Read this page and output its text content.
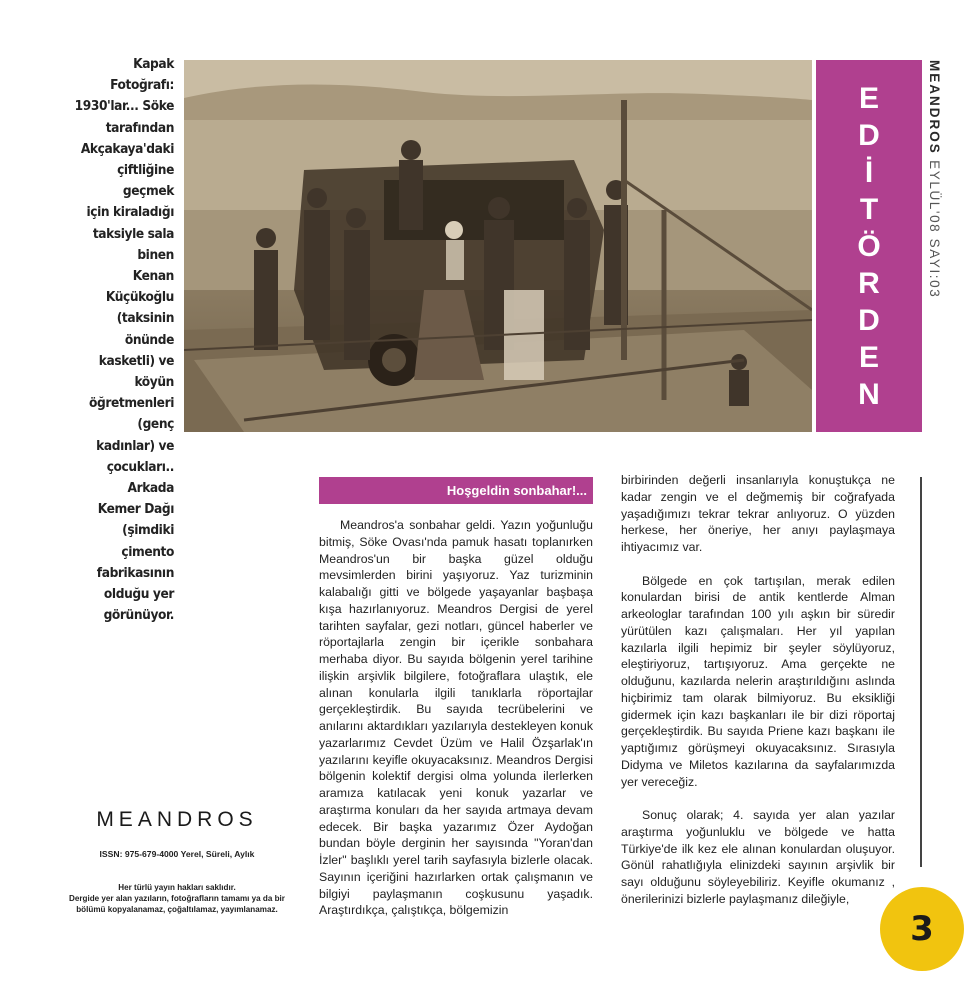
Kapak Fotoğrafı:
1930'lar... Söke
tarafından
Akçakaya'daki
çiftliğine geçmek
için kiraladığı
taksiyle sala binen
Kenan Küçükoğlu
(taksinin önünde
kasketli) ve köyün
öğretmenleri (genç
kadınlar) ve
çocukları.. Arkada
Kemer Dağı
(şimdiki çimento
fabrikasının
olduğu yer
görünüyor.
E
D
İ
T
Ö
R
D
E
N
MEANDROS EYLÜL'08 SAYI:03
Hoşgeldin sonbahar!...

Meandros'a sonbahar geldi. Yazın yoğunluğu bitmiş, Söke Ovası'nda pamuk hasatı toplanırken Meandros'un bir başka güzel olduğu mevsimlerden birini yaşıyoruz. Yaz turizminin kalabalığı gitti ve bölgede yaşayanlar başbaşa kışa hazırlanıyoruz. Meandros Dergisi de yerel tarihten sayfalar, gezi notları, güncel haberler ve röportajlarla zengin bir içerikle sonbahara merhaba diyor. Bu sayıda bölgenin yerel tarihine ilişkin arşivlik bilgilere, fotoğraflara ulaştık, ele alınan konularla ilgili tanıklarla röportajlar gerçekleştirdik. Bu sayıda tecrübelerini ve anılarını aktardıkları yazılarıyla destekleyen konuk yazarlarımız Cevdet Üzüm ve Halil Özşarlak'ın yazılarını keyifle okuyacaksınız. Meandros Dergisi bölgenin kolektif dergisi olma yolunda ilerlerken aramıza katılacak yeni konuk yazarlar ve araştırma konuları da her sayıda artmaya devam edecek. Bir başka yazarımız Özer Aydoğan bundan böyle derginin her sayısında "Yoran'dan İzler" başlıklı yerel tarih sayfasıyla bizlerle olacak. Sayının içeriğini hazırlarken ortak çalışmanın ve bilgiyi paylaşmanın coşkusunu yaşadık. Araştırdıkça, çalıştıkça, bölgemizin

birbirinden değerli insanlarıyla konuştukça ne kadar zengin ve el değmemiş bir coğrafyada yaşadığımızı tekrar tekrar anlıyoruz. O yüzden herkese, her öneriye, her anıyı paylaşmaya ihtiyacımız var.

Bölgede en çok tartışılan, merak edilen konulardan birisi de antik kentlerde Alman arkeologlar tarafından 100 yılı aşkın bir süredir yürütülen kazı çalışmaları. Her yıl yapılan kazılarla ilgili hepimiz bir şeyler söylüyoruz, eleştiriyoruz, tartışıyoruz. Ama gerçekte ne olduğunu, kazılarda nelerin araştırıldığını aslında hiçbirimiz tam olarak bilmiyoruz. Bu eksikliği gidermek için kazı başkanları ile bir dizi röportaj gerçekleştirdik. Bu sayıda Priene kazı başkanı ile yaptığımız görüşmeyi okuyacaksınız. Sırasıyla Didyma ve Miletos kazılarına da sayfalarımızda yer vereceğiz.

Sonuç olarak; 4. sayıda yer alan yazılar araştırma yoğunluklu ve bölgede ve hatta Türkiye'de ilk kez ele alınan konulardan oluşuyor. Gönül rahatlığıyla elinizdeki sayının arşivlik bir sayı olduğunu söyleyebiliriz. Keyifle okumanız , önerilerinizi bizlerle paylaşmanız dileğiyle,

MEANDROS
ISSN: 975-679-4000 Yerel, Süreli, Aylık
Her türlü yayın hakları saklıdır.
Dergide yer alan yazıların, fotoğrafların tamamı ya da bir
bölümü kopyalanamaz, çoğaltılamaz, yayımlanamaz.	3
